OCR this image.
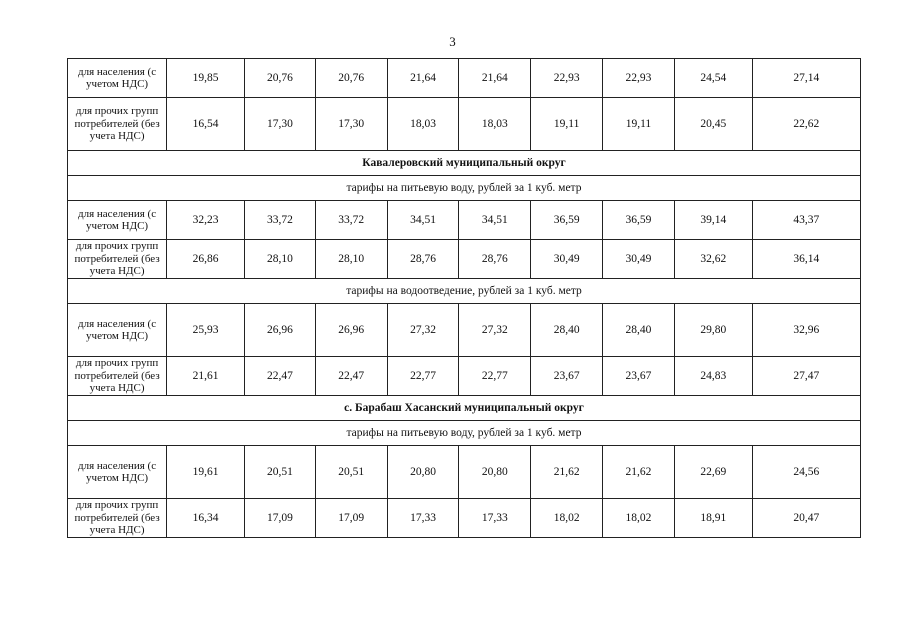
3
для населения (с учетом НДС)	19,85	20,76	20,76	21,64	21,64	22,93	22,93	24,54	27,14
для прочих групп потребителей (без учета НДС)	16,54	17,30	17,30	18,03	18,03	19,11	19,11	20,45	22,62
Кавалеровский муниципальный округ									
тарифы на питьевую воду, рублей за 1 куб. метр									
для населения (с учетом НДС)	32,23	33,72	33,72	34,51	34,51	36,59	36,59	39,14	43,37
для прочих групп потребителей (без учета НДС)	26,86	28,10	28,10	28,76	28,76	30,49	30,49	32,62	36,14
тарифы на водоотведение, рублей за 1 куб. метр									
для населения (с учетом НДС)	25,93	26,96	26,96	27,32	27,32	28,40	28,40	29,80	32,96
для прочих групп потребителей (без учета НДС)	21,61	22,47	22,47	22,77	22,77	23,67	23,67	24,83	27,47
с. Барабаш Хасанский муниципальный округ									
тарифы на питьевую воду, рублей за 1 куб. метр									
для населения (с учетом НДС)	19,61	20,51	20,51	20,80	20,80	21,62	21,62	22,69	24,56
для прочих групп потребителей (без учета НДС)	16,34	17,09	17,09	17,33	17,33	18,02	18,02	18,91	20,47
